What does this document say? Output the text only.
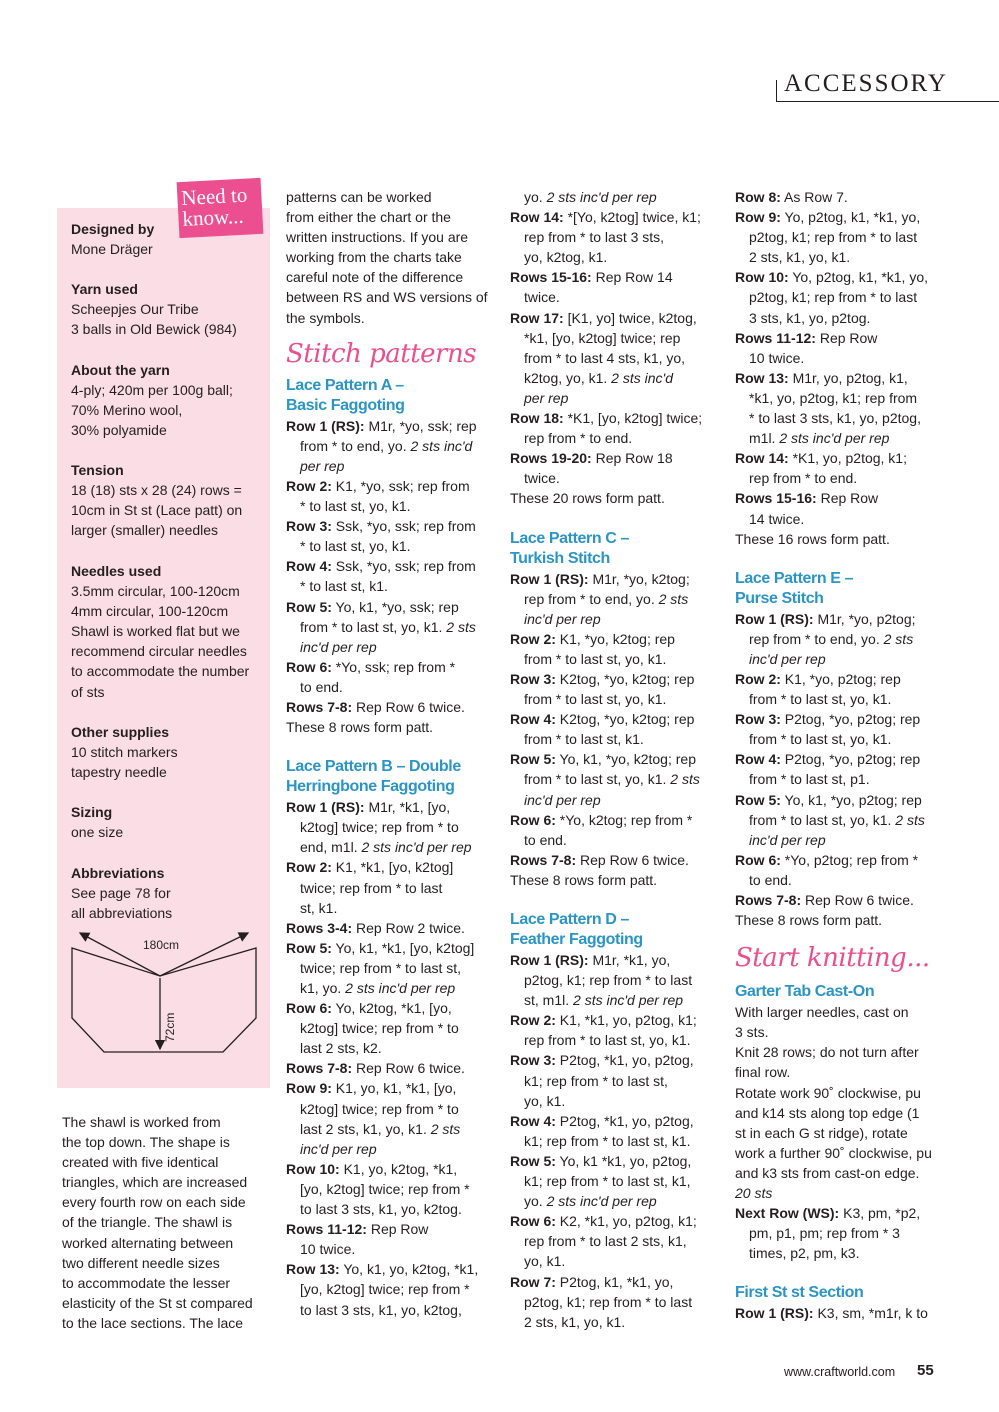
ACCESSORY
Need to
know...
Designed by
Mone Dräger
Yarn used
Scheepjes Our Tribe
3 balls in Old Bewick (984)
About the yarn
4-ply; 420m per 100g ball;
70% Merino wool,
30% polyamide
Tension
18 (18) sts x 28 (24) rows =
10cm in St st (Lace patt) on
larger (smaller) needles
Needles used
3.5mm circular, 100-120cm
4mm circular, 100-120cm
Shawl is worked flat but we
recommend circular needles
to accommodate the number
of sts
Other supplies
10 stitch markers
tapestry needle
Sizing
one size
Abbreviations
See page 78 for
all abbreviations
180cm
72cm

The shawl is worked from

the top down. The shape is

created with five identical

triangles, which are increased

every fourth row on each side

of the triangle. The shawl is

worked alternating between

two different needle sizes

to accommodate the lesser

elasticity of the St st compared

to the lace sections. The lace

patterns can be worked

from either the chart or the

written instructions. If you are

working from the charts take

careful note of the difference

between RS and WS versions of

the symbols.

Stitch patterns
Lace Pattern A –
Basic Faggoting

Row 1 (RS): M1r, *yo, ssk; rep
from * to end, yo. 2 sts inc'd
per rep

Row 2: K1, *yo, ssk; rep from
* to last st, yo, k1.

Row 3: Ssk, *yo, ssk; rep from
* to last st, yo, k1.

Row 4: Ssk, *yo, ssk; rep from
* to last st, k1.

Row 5: Yo, k1, *yo, ssk; rep
from * to last st, yo, k1. 2 sts
inc'd per rep

Row 6: *Yo, ssk; rep from *
to end.

Rows 7-8: Rep Row 6 twice.

These 8 rows form patt.

Lace Pattern B – Double
Herringbone Faggoting

Row 1 (RS): M1r, *k1, [yo,
k2tog] twice; rep from * to
end, m1l. 2 sts inc'd per rep

Row 2: K1, *k1, [yo, k2tog]
twice; rep from * to last
st, k1.

Rows 3-4: Rep Row 2 twice.

Row 5: Yo, k1, *k1, [yo, k2tog]
twice; rep from * to last st,
k1, yo. 2 sts inc'd per rep

Row 6: Yo, k2tog, *k1, [yo,
k2tog] twice; rep from * to
last 2 sts, k2.

Rows 7-8: Rep Row 6 twice.

Row 9: K1, yo, k1, *k1, [yo,
k2tog] twice; rep from * to
last 2 sts, k1, yo, k1. 2 sts
inc'd per rep

Row 10: K1, yo, k2tog, *k1,
[yo, k2tog] twice; rep from *
to last 3 sts, k1, yo, k2tog.

Rows 11-12: Rep Row
10 twice.

Row 13: Yo, k1, yo, k2tog, *k1,
[yo, k2tog] twice; rep from *
to last 3 sts, k1, yo, k2tog,

yo. 2 sts inc'd per rep

Row 14: *[Yo, k2tog] twice, k1;
rep from * to last 3 sts,
yo, k2tog, k1.

Rows 15-16: Rep Row 14
twice.

Row 17: [K1, yo] twice, k2tog,
*k1, [yo, k2tog] twice; rep
from * to last 4 sts, k1, yo,
k2tog, yo, k1. 2 sts inc'd
per rep

Row 18: *K1, [yo, k2tog] twice;
rep from * to end.

Rows 19-20: Rep Row 18
twice.

These 20 rows form patt.

Lace Pattern C –
Turkish Stitch

Row 1 (RS): M1r, *yo, k2tog;
rep from * to end, yo. 2 sts
inc'd per rep

Row 2: K1, *yo, k2tog; rep
from * to last st, yo, k1.

Row 3: K2tog, *yo, k2tog; rep
from * to last st, yo, k1.

Row 4: K2tog, *yo, k2tog; rep
from * to last st, k1.

Row 5: Yo, k1, *yo, k2tog; rep
from * to last st, yo, k1. 2 sts
inc'd per rep

Row 6: *Yo, k2tog; rep from *
to end.

Rows 7-8: Rep Row 6 twice.

These 8 rows form patt.

Lace Pattern D –
Feather Faggoting

Row 1 (RS): M1r, *k1, yo,
p2tog, k1; rep from * to last
st, m1l. 2 sts inc'd per rep

Row 2: K1, *k1, yo, p2tog, k1;
rep from * to last st, yo, k1.

Row 3: P2tog, *k1, yo, p2tog,
k1; rep from * to last st,
yo, k1.

Row 4: P2tog, *k1, yo, p2tog,
k1; rep from * to last st, k1.

Row 5: Yo, k1 *k1, yo, p2tog,
k1; rep from * to last st, k1,
yo. 2 sts inc'd per rep

Row 6: K2, *k1, yo, p2tog, k1;
rep from * to last 2 sts, k1,
yo, k1.

Row 7: P2tog, k1, *k1, yo,
p2tog, k1; rep from * to last
2 sts, k1, yo, k1.

Row 8: As Row 7.

Row 9: Yo, p2tog, k1, *k1, yo,
p2tog, k1; rep from * to last
2 sts, k1, yo, k1.

Row 10: Yo, p2tog, k1, *k1, yo,
p2tog, k1; rep from * to last
3 sts, k1, yo, p2tog.

Rows 11-12: Rep Row
10 twice.

Row 13: M1r, yo, p2tog, k1,
*k1, yo, p2tog, k1; rep from
* to last 3 sts, k1, yo, p2tog,
m1l. 2 sts inc'd per rep

Row 14: *K1, yo, p2tog, k1;
rep from * to end.

Rows 15-16: Rep Row
14 twice.

These 16 rows form patt.

Lace Pattern E –
Purse Stitch

Row 1 (RS): M1r, *yo, p2tog;
rep from * to end, yo. 2 sts
inc'd per rep

Row 2: K1, *yo, p2tog; rep
from * to last st, yo, k1.

Row 3: P2tog, *yo, p2tog; rep
from * to last st, yo, k1.

Row 4: P2tog, *yo, p2tog; rep
from * to last st, p1.

Row 5: Yo, k1, *yo, p2tog; rep
from * to last st, yo, k1. 2 sts
inc'd per rep

Row 6: *Yo, p2tog; rep from *
to end.

Rows 7-8: Rep Row 6 twice.

These 8 rows form patt.

Start knitting...
Garter Tab Cast-On

With larger needles, cast on

3 sts.

Knit 28 rows; do not turn after

final row.

Rotate work 90˚ clockwise, pu

and k14 sts along top edge (1

st in each G st ridge), rotate

work a further 90˚ clockwise, pu

and k3 sts from cast-on edge.

20 sts

Next Row (WS): K3, pm, *p2,
pm, p1, pm; rep from * 3
times, p2, pm, k3.

First St st Section

Row 1 (RS): K3, sm, *m1r, k to

www.craftworld.com 55
